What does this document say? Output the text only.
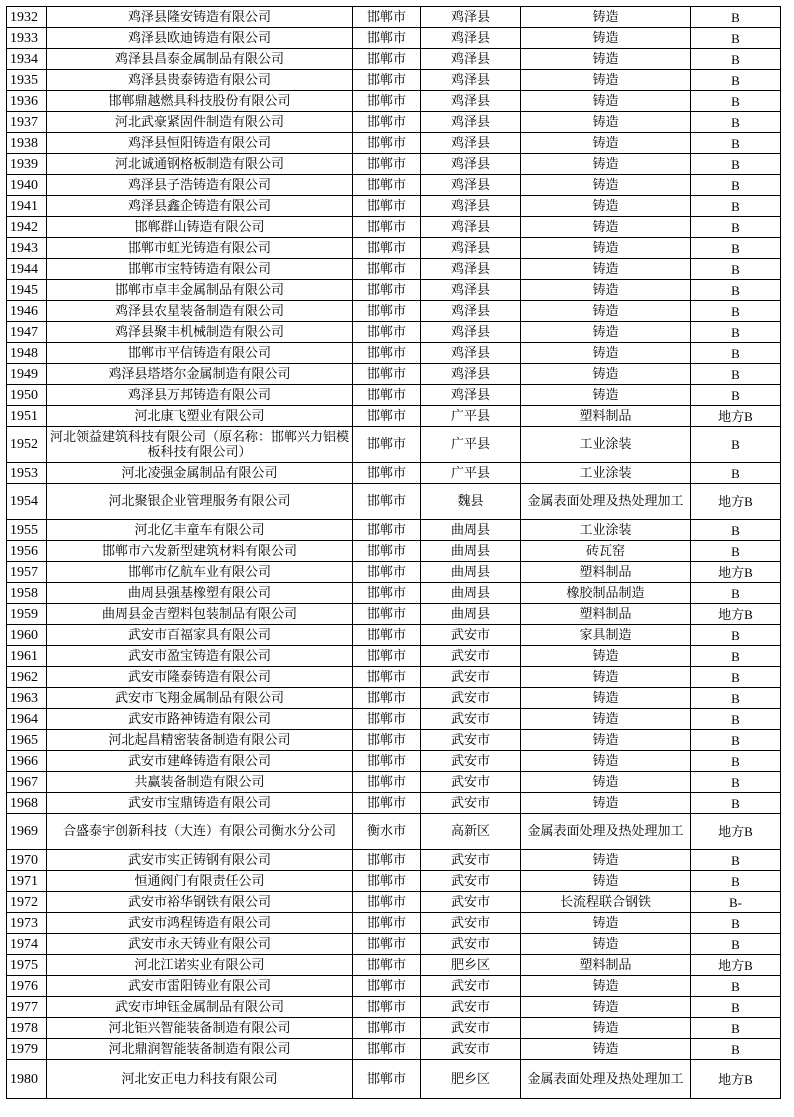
1932	鸡泽县隆安铸造有限公司	邯郸市	鸡泽县	铸造	B
1933	鸡泽县欧迪铸造有限公司	邯郸市	鸡泽县	铸造	B
1934	鸡泽县昌泰金属制品有限公司	邯郸市	鸡泽县	铸造	B
1935	鸡泽县贵泰铸造有限公司	邯郸市	鸡泽县	铸造	B
1936	邯郸鼎越燃具科技股份有限公司	邯郸市	鸡泽县	铸造	B
1937	河北武豪紧固件制造有限公司	邯郸市	鸡泽县	铸造	B
1938	鸡泽县恒阳铸造有限公司	邯郸市	鸡泽县	铸造	B
1939	河北诚通钢格板制造有限公司	邯郸市	鸡泽县	铸造	B
1940	鸡泽县子浩铸造有限公司	邯郸市	鸡泽县	铸造	B
1941	鸡泽县鑫企铸造有限公司	邯郸市	鸡泽县	铸造	B
1942	邯郸群山铸造有限公司	邯郸市	鸡泽县	铸造	B
1943	邯郸市虹光铸造有限公司	邯郸市	鸡泽县	铸造	B
1944	邯郸市宝特铸造有限公司	邯郸市	鸡泽县	铸造	B
1945	邯郸市卓丰金属制品有限公司	邯郸市	鸡泽县	铸造	B
1946	鸡泽县农星装备制造有限公司	邯郸市	鸡泽县	铸造	B
1947	鸡泽县聚丰机械制造有限公司	邯郸市	鸡泽县	铸造	B
1948	邯郸市平信铸造有限公司	邯郸市	鸡泽县	铸造	B
1949	鸡泽县塔塔尔金属制造有限公司	邯郸市	鸡泽县	铸造	B
1950	鸡泽县万邦铸造有限公司	邯郸市	鸡泽县	铸造	B
1951	河北康飞塑业有限公司	邯郸市	广平县	塑料制品	地方B
1952	河北领益建筑科技有限公司（原名称：邯郸兴力铝模板科技有限公司）	邯郸市	广平县	工业涂装	B
1953	河北凌强金属制品有限公司	邯郸市	广平县	工业涂装	B
1954	河北聚银企业管理服务有限公司	邯郸市	魏县	金属表面处理及热处理加工	地方B
1955	河北亿丰童车有限公司	邯郸市	曲周县	工业涂装	B
1956	邯郸市六发新型建筑材料有限公司	邯郸市	曲周县	砖瓦窑	B
1957	邯郸市亿航车业有限公司	邯郸市	曲周县	塑料制品	地方B
1958	曲周县强基橡塑有限公司	邯郸市	曲周县	橡胶制品制造	B
1959	曲周县金吉塑料包装制品有限公司	邯郸市	曲周县	塑料制品	地方B
1960	武安市百福家具有限公司	邯郸市	武安市	家具制造	B
1961	武安市盈宝铸造有限公司	邯郸市	武安市	铸造	B
1962	武安市隆泰铸造有限公司	邯郸市	武安市	铸造	B
1963	武安市飞翔金属制品有限公司	邯郸市	武安市	铸造	B
1964	武安市路神铸造有限公司	邯郸市	武安市	铸造	B
1965	河北起昌精密装备制造有限公司	邯郸市	武安市	铸造	B
1966	武安市建峰铸造有限公司	邯郸市	武安市	铸造	B
1967	共赢装备制造有限公司	邯郸市	武安市	铸造	B
1968	武安市宝鼎铸造有限公司	邯郸市	武安市	铸造	B
1969	合盛泰宇创新科技（大连）有限公司衡水分公司	衡水市	高新区	金属表面处理及热处理加工	地方B
1970	武安市实正铸钢有限公司	邯郸市	武安市	铸造	B
1971	恒通阀门有限责任公司	邯郸市	武安市	铸造	B
1972	武安市裕华钢铁有限公司	邯郸市	武安市	长流程联合钢铁	B-
1973	武安市鸿程铸造有限公司	邯郸市	武安市	铸造	B
1974	武安市永天铸业有限公司	邯郸市	武安市	铸造	B
1975	河北江诺实业有限公司	邯郸市	肥乡区	塑料制品	地方B
1976	武安市雷阳铸业有限公司	邯郸市	武安市	铸造	B
1977	武安市坤钰金属制品有限公司	邯郸市	武安市	铸造	B
1978	河北钜兴智能装备制造有限公司	邯郸市	武安市	铸造	B
1979	河北鼎润智能装备制造有限公司	邯郸市	武安市	铸造	B
1980	河北安正电力科技有限公司	邯郸市	肥乡区	金属表面处理及热处理加工	地方B
